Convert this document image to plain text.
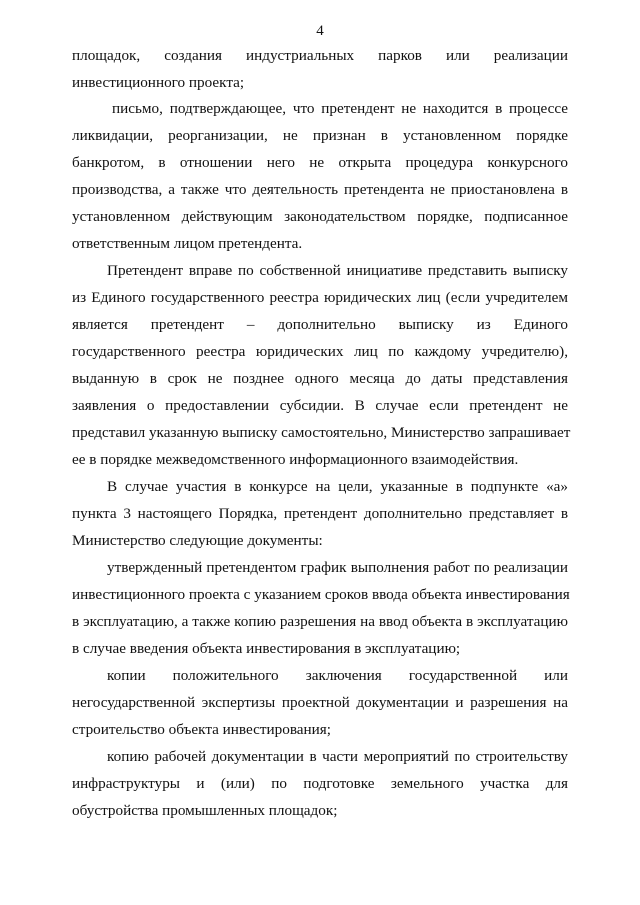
4
площадок, создания индустриальных парков или реализации
инвестиционного проекта;
письмо, подтверждающее, что претендент не находится в процессе
ликвидации, реорганизации, не признан в установленном порядке
банкротом, в отношении него не открыта процедура конкурсного
производства, а также что деятельность претендента не приостановлена в
установленном действующим законодательством порядке, подписанное
ответственным лицом претендента.
Претендент вправе по собственной инициативе представить выписку
из Единого государственного реестра юридических лиц (если учредителем
является претендент – дополнительно выписку из Единого
государственного реестра юридических лиц по каждому учредителю),
выданную в срок не позднее одного месяца до даты представления
заявления о предоставлении субсидии. В случае если претендент не
представил указанную выписку самостоятельно, Министерство запрашивает
ее в порядке межведомственного информационного взаимодействия.
В случае участия в конкурсе на цели, указанные в подпункте «а»
пункта 3 настоящего Порядка, претендент дополнительно представляет в
Министерство следующие документы:
утвержденный претендентом график выполнения работ по реализации
инвестиционного проекта с указанием сроков ввода объекта инвестирования
в эксплуатацию, а также копию разрешения на ввод объекта в эксплуатацию
в случае введения объекта инвестирования в эксплуатацию;
копии положительного заключения государственной или
негосударственной экспертизы проектной документации и разрешения на
строительство объекта инвестирования;
копию рабочей документации в части мероприятий по строительству
инфраструктуры и (или) по подготовке земельного участка для
обустройства промышленных площадок;
